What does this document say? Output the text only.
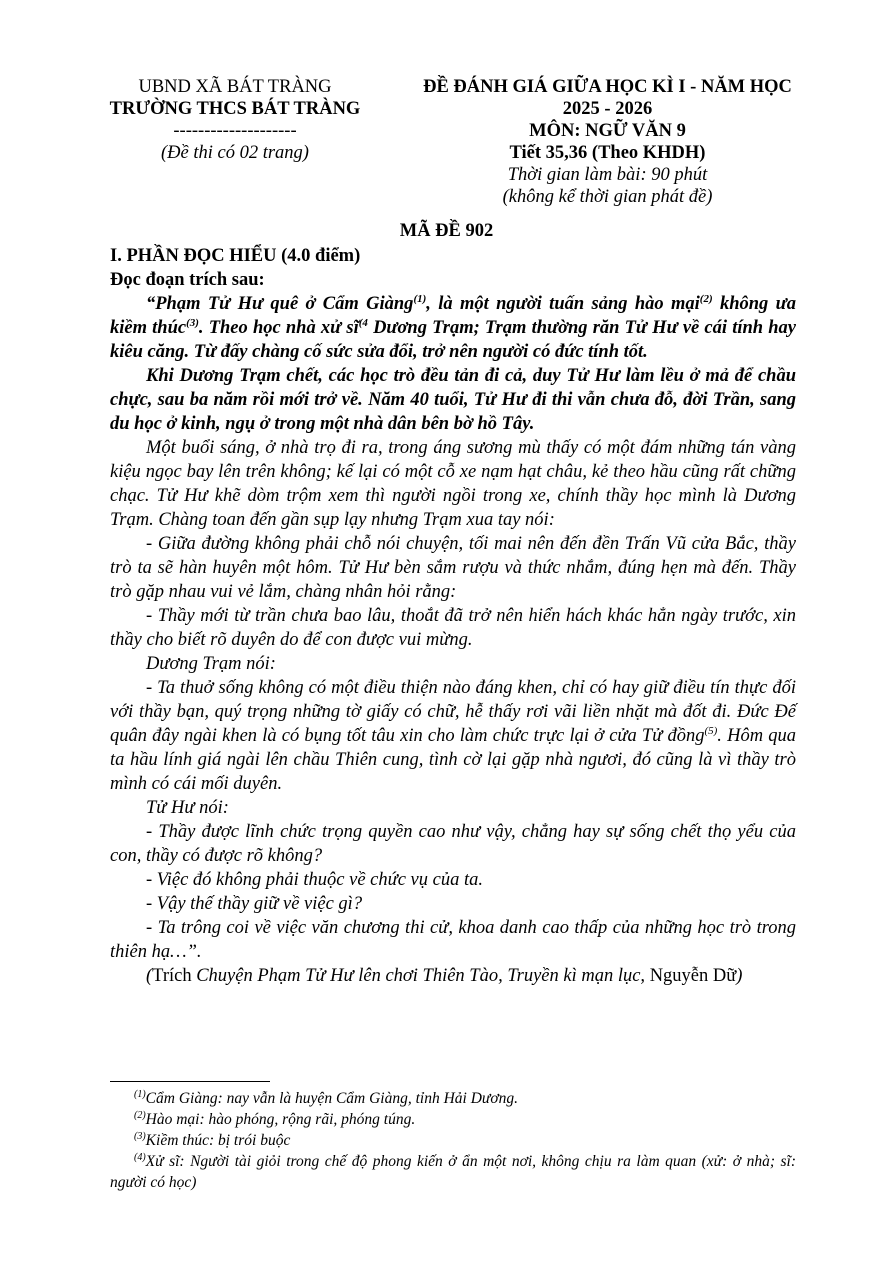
UBND XÃ BÁT TRÀNG
TRƯỜNG THCS BÁT TRÀNG
--------------------
(Đề thi có 02 trang)
ĐỀ ĐÁNH GIÁ GIỮA HỌC KÌ I - NĂM HỌC
2025 - 2026
MÔN: NGỮ VĂN 9
Tiết 35,36 (Theo KHDH)
Thời gian làm bài: 90 phút
(không kể thời gian phát đề)
MÃ ĐỀ 902

I. PHẦN ĐỌC HIỂU (4.0 điểm)

Đọc đoạn trích sau:

“Phạm Tử Hư quê ở Cẩm Giàng$^{(1)}$, là một người tuấn sảng hào mại$^{(2)}$ không ưa kiềm thúc$^{(3)}$. Theo học nhà xử $sĩ^{(4}$ Dương Trạm; Trạm thường răn Tử Hư về cái tính hay kiêu căng. Từ đấy chàng cố sức sửa đổi, trở nên người có đức tính tốt.

Khi Dương Trạm chết, các học trò đều tản đi cả, duy Tử Hư làm lều ở mả để chầu chực, sau ba năm rồi mới trở về. Năm 40 tuổi, Tử Hư đi thi vẫn chưa đỗ, đời Trần, sang du học ở kinh, ngụ ở trong một nhà dân bên bờ hồ Tây.

Một buổi sáng, ở nhà trọ đi ra, trong áng sương mù thấy có một đám những tán vàng kiệu ngọc bay lên trên không; kế lại có một cỗ xe nạm hạt châu, kẻ theo hầu cũng rất chững chạc. Tử Hư khẽ dòm trộm xem thì người ngồi trong xe, chính thầy học mình là Dương Trạm. Chàng toan đến gần sụp lạy nhưng Trạm xua tay nói:

- Giữa đường không phải chỗ nói chuyện, tối mai nên đến đền Trấn Vũ cửa Bắc, thầy trò ta sẽ hàn huyên một hôm. Tử Hư bèn sắm rượu và thức nhắm, đúng hẹn mà đến. Thầy trò gặp nhau vui vẻ lắm, chàng nhân hỏi rằng:

- Thầy mới từ trần chưa bao lâu, thoắt đã trở nên hiển hách khác hẳn ngày trước, xin thầy cho biết rõ duyên do để con được vui mừng.

Dương Trạm nói:

- Ta thuở sống không có một điều thiện nào đáng khen, chỉ có hay giữ điều tín thực đối với thầy bạn, quý trọng những tờ giấy có chữ, hễ thấy rơi vãi liền nhặt mà đốt đi. Đức Đế quân đây ngài khen là có bụng tốt tâu xin cho làm chức trực lại ở cửa Tử đồng$^{(5)}$. Hôm qua ta hầu lính giá ngài lên chầu Thiên cung, tình cờ lại gặp nhà ngươi, đó cũng là vì thầy trò mình có cái mối duyên.

Tử Hư nói:

- Thầy được lĩnh chức trọng quyền cao như vậy, chẳng hay sự sống chết thọ yểu của con, thầy có được rõ không?

- Việc đó không phải thuộc về chức vụ của ta.

- Vậy thế thầy giữ về việc gì?

- Ta trông coi về việc văn chương thi cử, khoa danh cao thấp của những học trò trong thiên hạ…”.

(Trích Chuyện Phạm Tử Hư lên chơi Thiên Tào, Truyền kì mạn lục, Nguyễn Dữ)

$^{(1)}$Cẩm Giàng: nay vẫn là huyện Cẩm Giàng, tỉnh Hải Dương.

$^{(2)}$Hào mại: hào phóng, rộng rãi, phóng túng.

$^{(3)}$Kiềm thúc: bị trói buộc

$^{(4)}$Xử sĩ: Người tài giỏi trong chế độ phong kiến ở ẩn một nơi, không chịu ra làm quan (xử: ở nhà; sĩ: người có học)
